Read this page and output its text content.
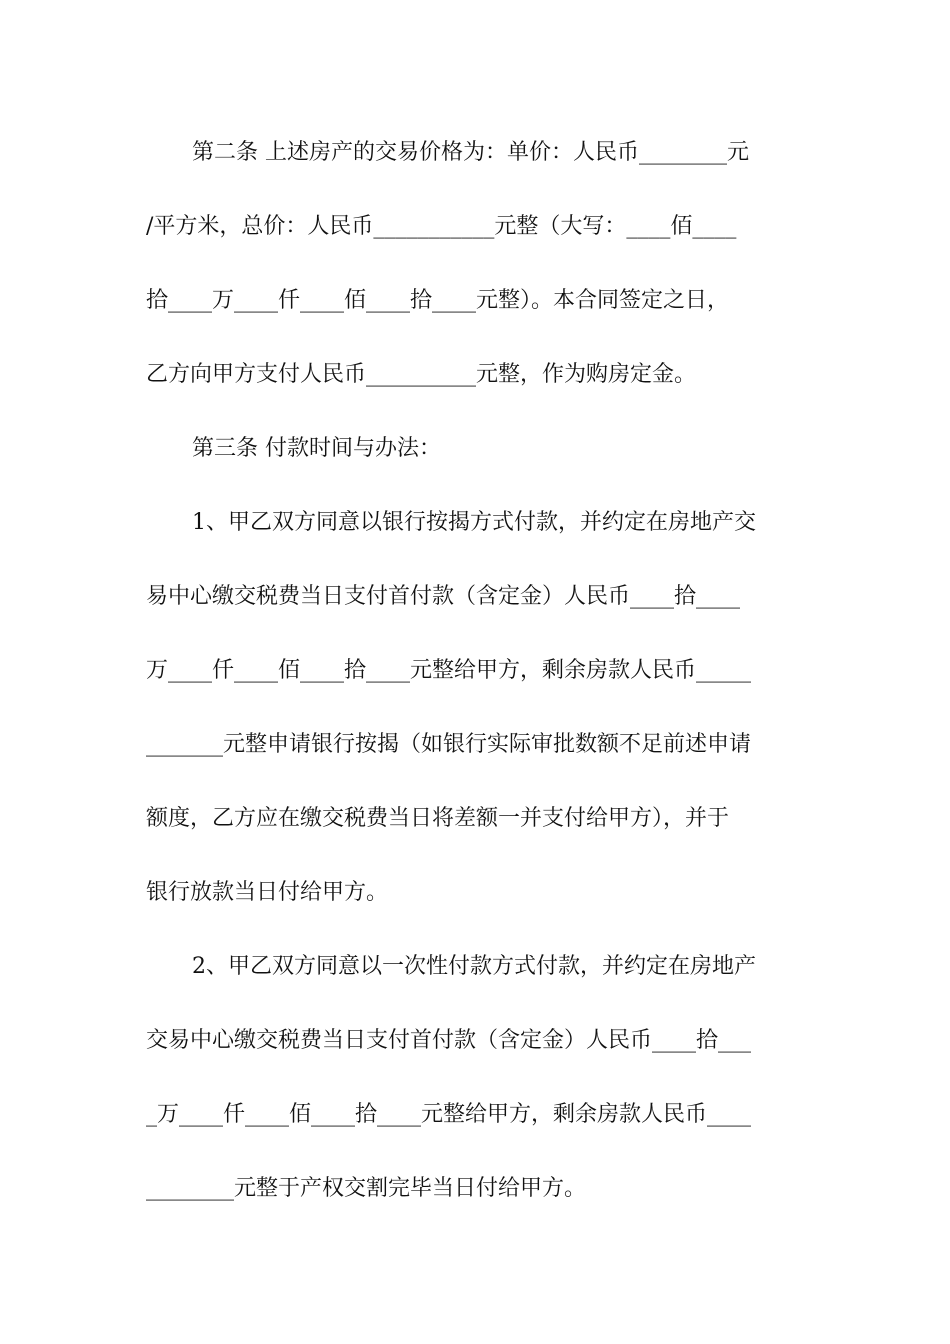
第二条 上述房产的交易价格为：单价：人民币________元
/平方米，总价：人民币___________元整（大写：____佰____
拾____万____仟____佰____拾____元整）。本合同签定之日，
乙方向甲方支付人民币__________元整，作为购房定金。
第三条 付款时间与办法：
1、甲乙双方同意以银行按揭方式付款，并约定在房地产交
易中心缴交税费当日支付首付款（含定金）人民币____拾____
万____仟____佰____拾____元整给甲方，剩余房款人民币_____
_______元整申请银行按揭（如银行实际审批数额不足前述申请
额度，乙方应在缴交税费当日将差额一并支付给甲方），并于
银行放款当日付给甲方。
2、甲乙双方同意以一次性付款方式付款，并约定在房地产
交易中心缴交税费当日支付首付款（含定金）人民币____拾___
_万____仟____佰____拾____元整给甲方，剩余房款人民币____
________元整于产权交割完毕当日付给甲方。
